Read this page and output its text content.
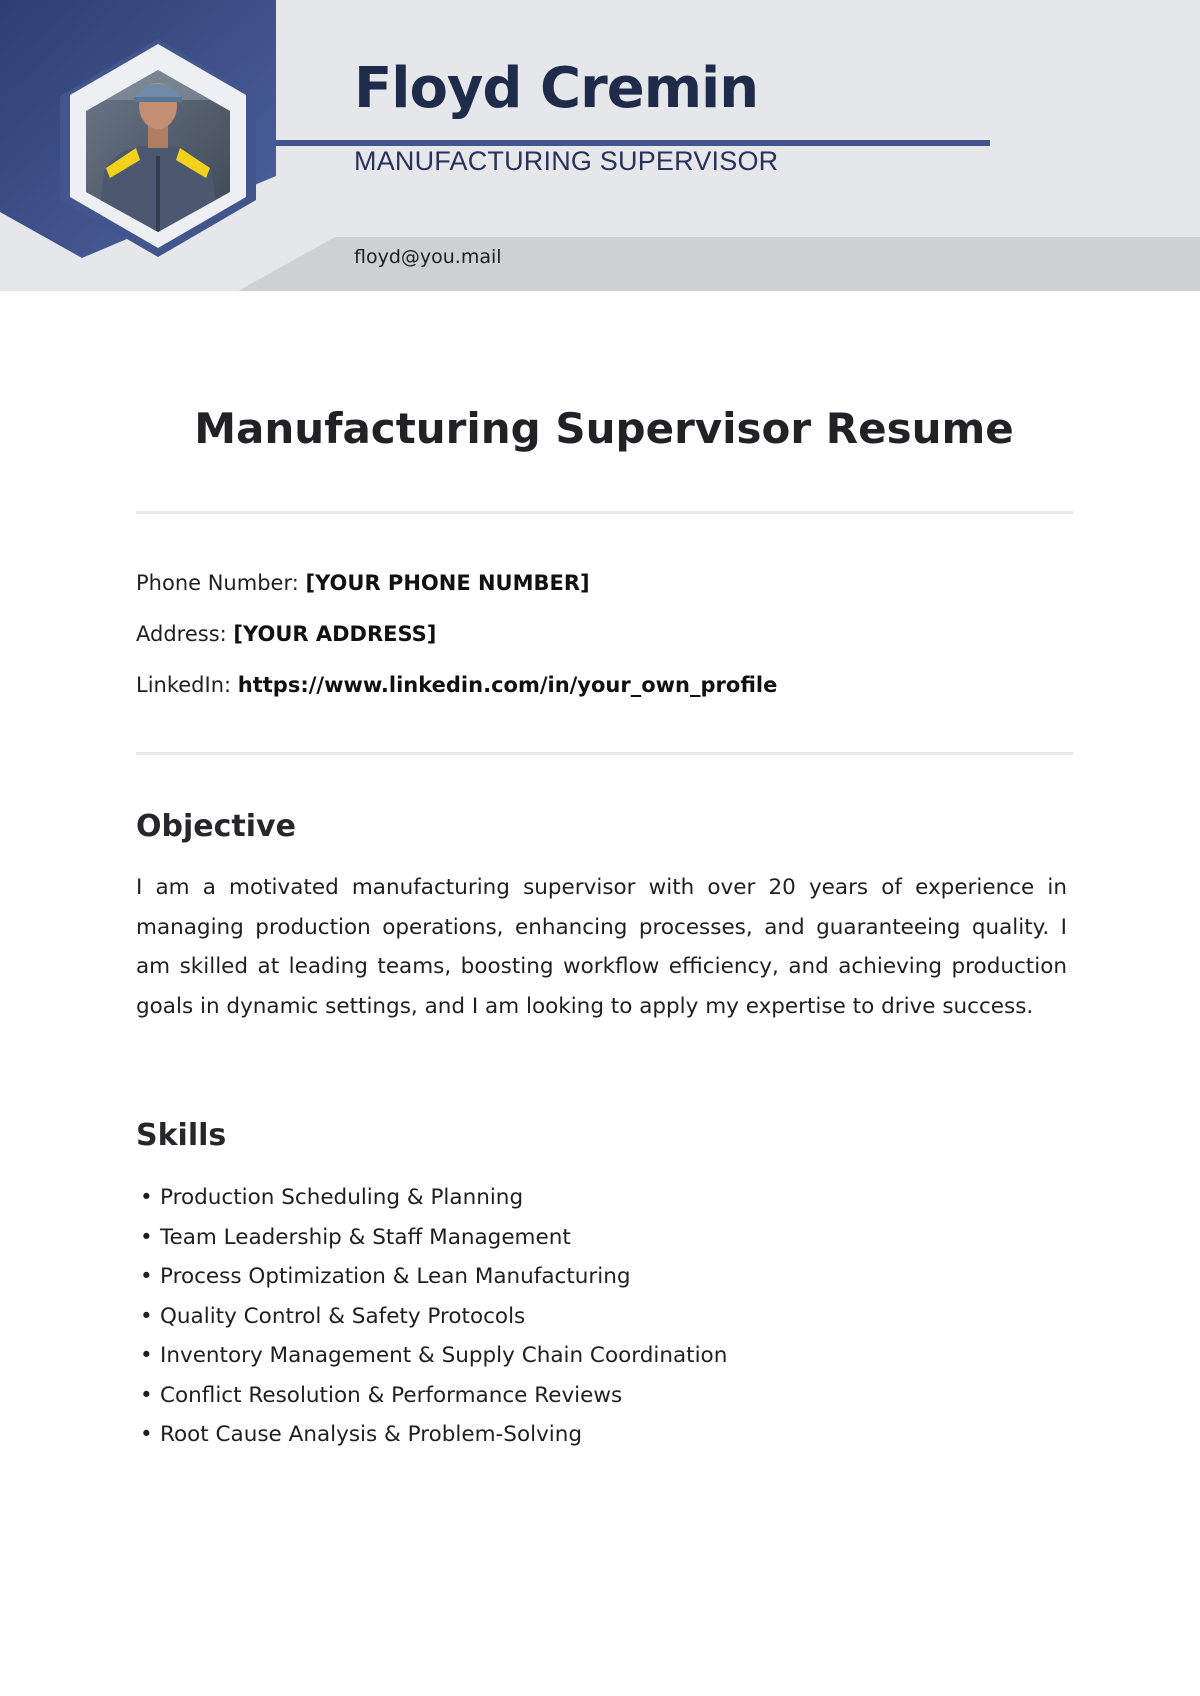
Floyd Cremin
MANUFACTURING SUPERVISOR
floyd@you.mail
Manufacturing Supervisor Resume
Phone Number: [YOUR PHONE NUMBER]
Address: [YOUR ADDRESS]
LinkedIn: https://www.linkedin.com/in/your_own_profile
Objective

I am a motivated manufacturing supervisor with over 20 years of experience in managing production operations, enhancing processes, and guaranteeing quality. I am skilled at leading teams, boosting workflow efficiency, and achieving production goals in dynamic settings, and I am looking to apply my expertise to drive success.

Skills
• Production Scheduling & Planning
• Team Leadership & Staff Management
• Process Optimization & Lean Manufacturing
• Quality Control & Safety Protocols
• Inventory Management & Supply Chain Coordination
• Conflict Resolution & Performance Reviews
• Root Cause Analysis & Problem-Solving
